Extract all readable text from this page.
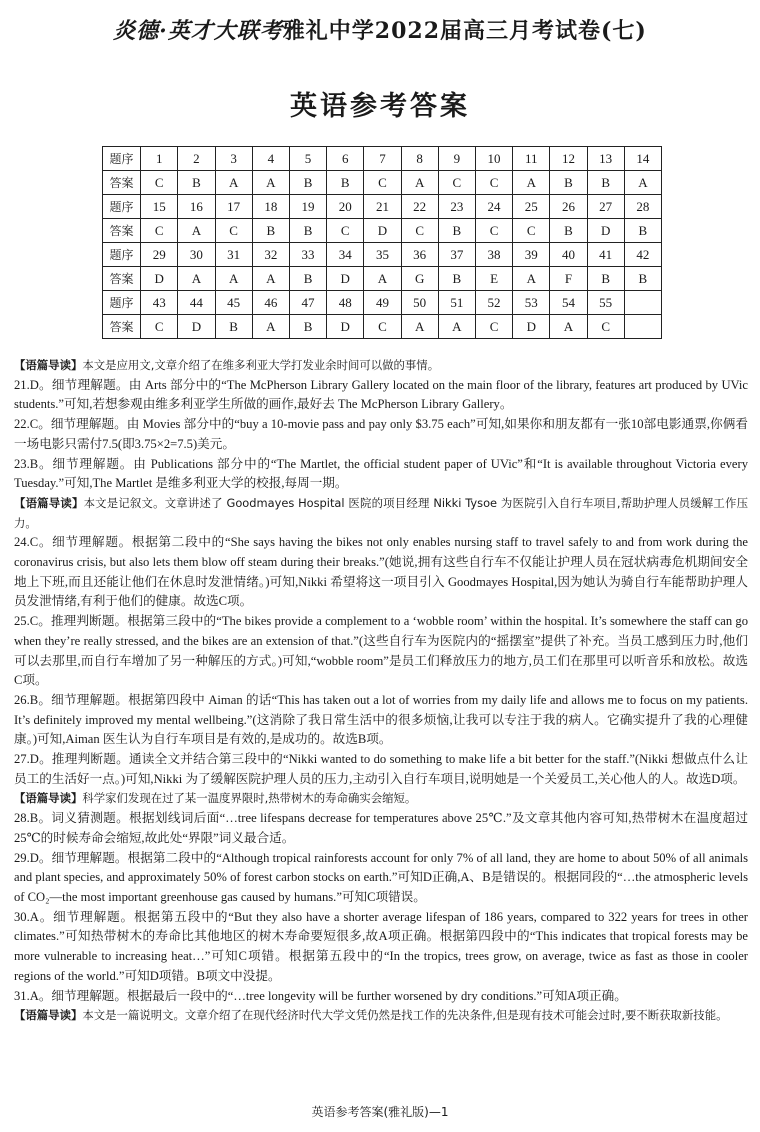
炎德·英才大联考雅礼中学2022届高三月考试卷(七)
英语参考答案
题序	1	2	3	4	5	6	7	8	9	10	11	12	13	14
答案	C	B	A	A	B	B	C	A	C	C	A	B	B	A
题序	15	16	17	18	19	20	21	22	23	24	25	26	27	28
答案	C	A	C	B	B	C	D	C	B	C	C	B	D	B
题序	29	30	31	32	33	34	35	36	37	38	39	40	41	42
答案	D	A	A	A	B	D	A	G	B	E	A	F	B	B
题序	43	44	45	46	47	48	49	50	51	52	53	54	55	
答案	C	D	B	A	B	D	C	A	A	C	D	A	C	

【语篇导读】本文是应用文,文章介绍了在维多利亚大学打发业余时间可以做的事情。

21.D。细节理解题。由 Arts 部分中的“The McPherson Library Gallery located on the main floor of the library, features art produced by UVic students.”可知,若想参观由维多利亚学生所做的画作,最好去 The McPherson Library Gallery。

22.C。细节理解题。由 Movies 部分中的“buy a 10-movie pass and pay only $3.75 each”可知,如果你和朋友都有一张10部电影通票,你俩看一场电影只需付7.5(即3.75×2=7.5)美元。

23.B。细节理解题。由 Publications 部分中的“The Martlet, the official student paper of UVic”和“It is available throughout Victoria every Tuesday.”可知,The Martlet 是维多利亚大学的校报,每周一期。

【语篇导读】本文是记叙文。文章讲述了 Goodmayes Hospital 医院的项目经理 Nikki Tysoe 为医院引入自行车项目,帮助护理人员缓解工作压力。

24.C。细节理解题。根据第二段中的“She says having the bikes not only enables nursing staff to travel safely to and from work during the coronavirus crisis, but also lets them blow off steam during their breaks.”(她说,拥有这些自行车不仅能让护理人员在冠状病毒危机期间安全地上下班,而且还能让他们在休息时发泄情绪。)可知,Nikki 希望将这一项目引入 Goodmayes Hospital,因为她认为骑自行车能帮助护理人员发泄情绪,有利于他们的健康。故选C项。

25.C。推理判断题。根据第三段中的“The bikes provide a complement to a ‘wobble room’ within the hospital. It’s somewhere the staff can go when they’re really stressed, and the bikes are an extension of that.”(这些自行车为医院内的“摇摆室”提供了补充。当员工感到压力时,他们可以去那里,而自行车增加了另一种解压的方式。)可知,“wobble room”是员工们释放压力的地方,员工们在那里可以听音乐和放松。故选C项。

26.B。细节理解题。根据第四段中 Aiman 的话“This has taken out a lot of worries from my daily life and allows me to focus on my patients. It’s definitely improved my mental wellbeing.”(这消除了我日常生活中的很多烦恼,让我可以专注于我的病人。它确实提升了我的心理健康。)可知,Aiman 医生认为自行车项目是有效的,是成功的。故选B项。

27.D。推理判断题。通读全文并结合第三段中的“Nikki wanted to do something to make life a bit better for the staff.”(Nikki 想做点什么让员工的生活好一点。)可知,Nikki 为了缓解医院护理人员的压力,主动引入自行车项目,说明她是一个关爱员工,关心他人的人。故选D项。

【语篇导读】科学家们发现在过了某一温度界限时,热带树木的寿命确实会缩短。

28.B。词义猜测题。根据划线词后面“…tree lifespans decrease for temperatures above 25℃.”及文章其他内容可知,热带树木在温度超过25℃的时候寿命会缩短,故此处“界限”词义最合适。

29.D。细节理解题。根据第二段中的“Although tropical rainforests account for only 7% of all land, they are home to about 50% of all animals and plant species, and approximately 50% of forest carbon stocks on earth.”可知D正确,A、B是错误的。根据同段的“…the atmospheric levels of CO₂—the most important greenhouse gas caused by humans.”可知C项错误。

30.A。细节理解题。根据第五段中的“But they also have a shorter average lifespan of 186 years, compared to 322 years for trees in other climates.”可知热带树木的寿命比其他地区的树木寿命要短很多,故A项正确。根据第四段中的“This indicates that tropical forests may be more vulnerable to increasing heat…”可知C项错。根据第五段中的“In the tropics, trees grow, on average, twice as fast as those in cooler regions of the world.”可知D项错。B项文中没提。

31.A。细节理解题。根据最后一段中的“…tree longevity will be further worsened by dry conditions.”可知A项正确。

【语篇导读】本文是一篇说明文。文章介绍了在现代经济时代大学文凭仍然是找工作的先决条件,但是现有技术可能会过时,要不断获取新技能。

英语参考答案(雅礼版)—1
